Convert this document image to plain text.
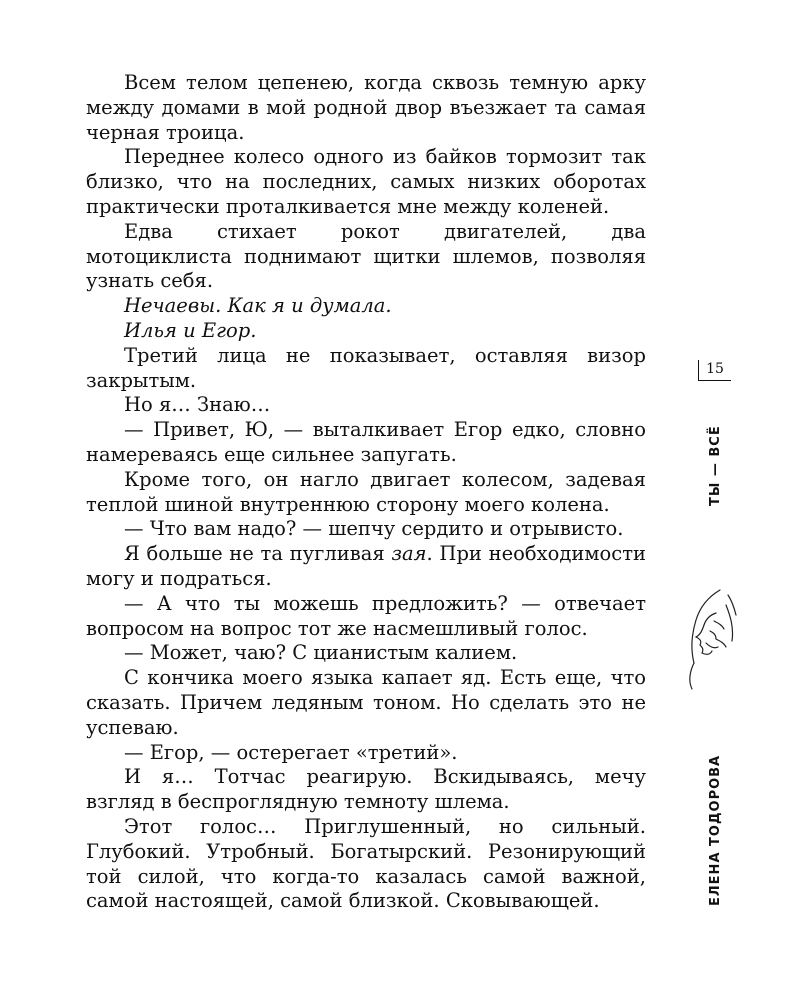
Всем телом цепенею, когда сквозь темную арку между домами в мой родной двор въезжает та самая черная троица.

Переднее колесо одного из байков тормозит так близко, что на последних, самых низких оборотах практически проталкивается мне между коленей.

Едва стихает рокот двигателей, два мотоциклиста поднимают щитки шлемов, позволяя узнать себя.

Нечаевы. Как я и думала.

Илья и Егор.

Третий лица не показывает, оставляя визор закрытым.

Но я… Знаю…

— Привет, Ю, — выталкивает Егор едко, словно намереваясь еще сильнее запугать.

Кроме того, он нагло двигает колесом, задевая теплой шиной внутреннюю сторону моего колена.

— Что вам надо? — шепчу сердито и отрывисто.

Я больше не та пугливая зая. При необходимости могу и подраться.

— А что ты можешь предложить? — отвечает вопросом на вопрос тот же насмешливый голос.

— Может, чаю? С цианистым калием.

С кончика моего языка капает яд. Есть еще, что сказать. Причем ледяным тоном. Но сделать это не успеваю.

— Егор, — остерегает «третий».

И я… Тотчас реагирую. Вскидываясь, мечу взгляд в беспроглядную темноту шлема.

Этот голос… Приглушенный, но сильный. Глубокий. Утробный. Богатырский. Резонирующий той силой, что когда-то казалась самой важной, самой настоящей, самой близкой. Сковывающей.

15
ТЫ — ВСЁ
ЕЛЕНА ТОДОРОВА
